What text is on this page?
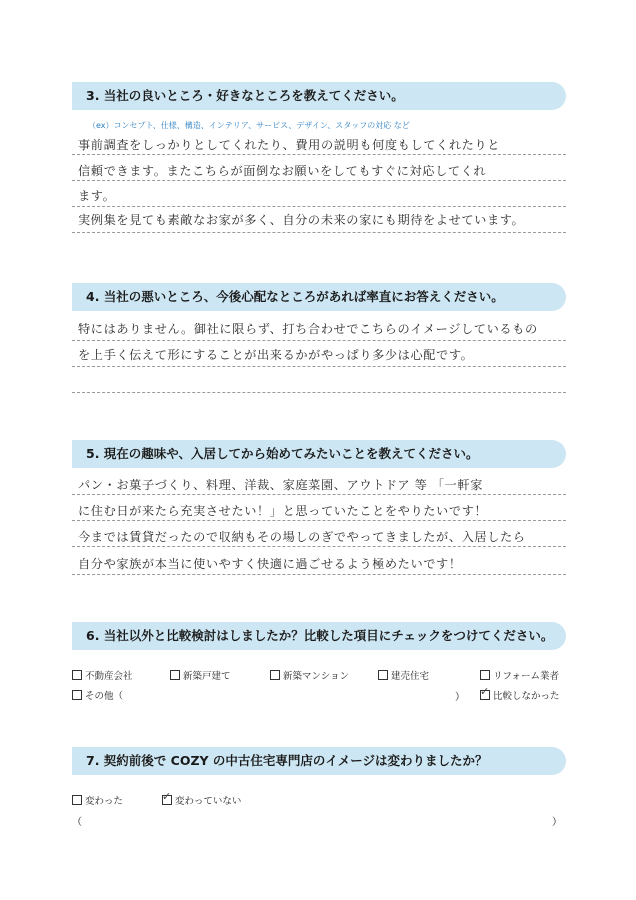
3. 当社の良いところ・好きなところを教えてください。
（ex）コンセプト、仕様、構造、インテリア、サービス、デザイン、スタッフの対応 など
事前調査をしっかりとしてくれたり、費用の説明も何度もしてくれたりと
信頼できます。またこちらが面倒なお願いをしてもすぐに対応してくれ
ます。
実例集を見ても素敵なお家が多く、自分の未来の家にも期待をよせています。
4. 当社の悪いところ、今後心配なところがあれば率直にお答えください。
特にはありません。御社に限らず、打ち合わせでこちらのイメージしているもの
を上手く伝えて形にすることが出来るかがやっぱり多少は心配です。
5. 現在の趣味や、入居してから始めてみたいことを教えてください。
パン・お菓子づくり、料理、洋裁、家庭菜園、アウトドア 等 「一軒家
に住む日が来たら充実させたい！」と思っていたことをやりたいです！
今までは賃貸だったので収納もその場しのぎでやってきましたが、入居したら
自分や家族が本当に使いやすく快適に過ごせるよう極めたいです！
6. 当社以外と比較検討はしましたか？比較した項目にチェックをつけてください。
不動産会社	新築戸建て	新築マンション	建売住宅	リフォーム業者
その他（	） ✓	比較しなかった
7. 契約前後で COZY の中古住宅専門店のイメージは変わりましたか？
変わった ✓	変わっていない
（	）
